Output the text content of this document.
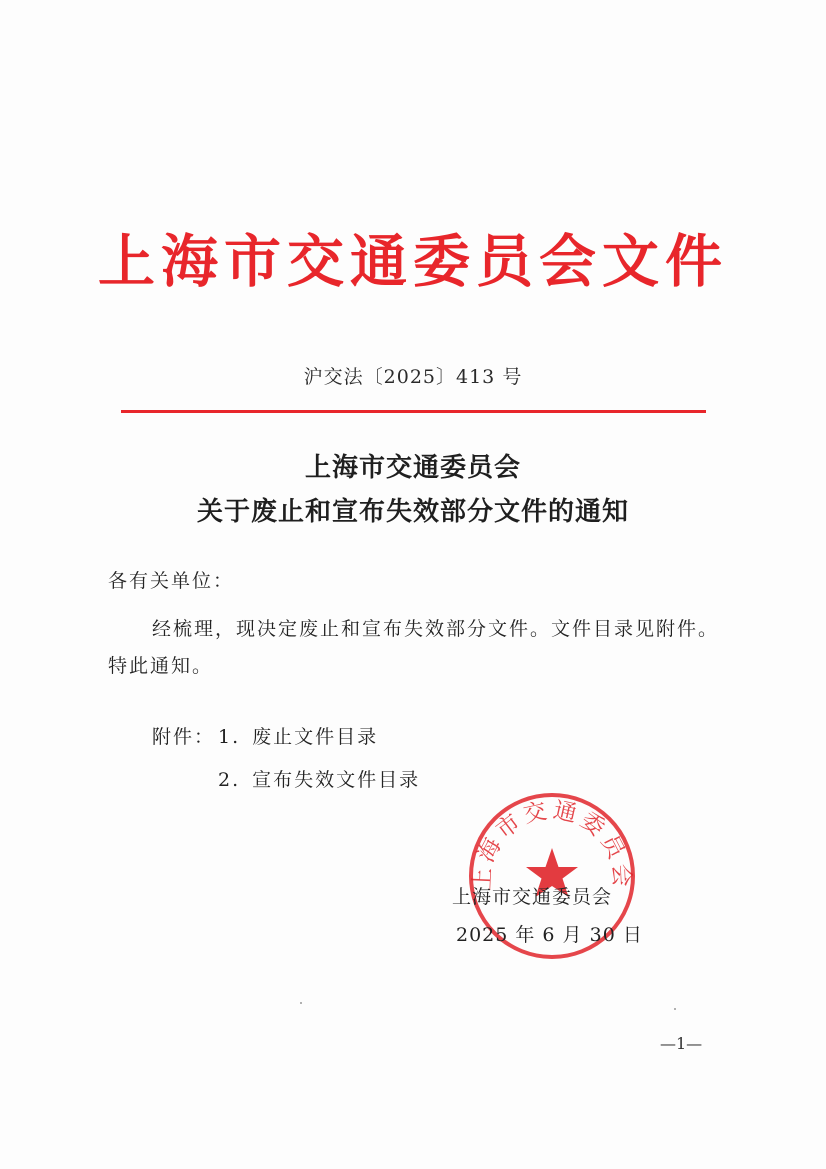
上海市交通委员会文件
沪交法〔2025〕413 号
上海市交通委员会
关于废止和宣布失效部分文件的通知
各有关单位：
经梳理，现决定废止和宣布失效部分文件。文件目录见附件。
特此通知。
附件： 1. 废止文件目录
2. 宣布失效文件目录
上海市交通委员会
上海市交通委员会
2025 年 6 月 30 日
—1—
